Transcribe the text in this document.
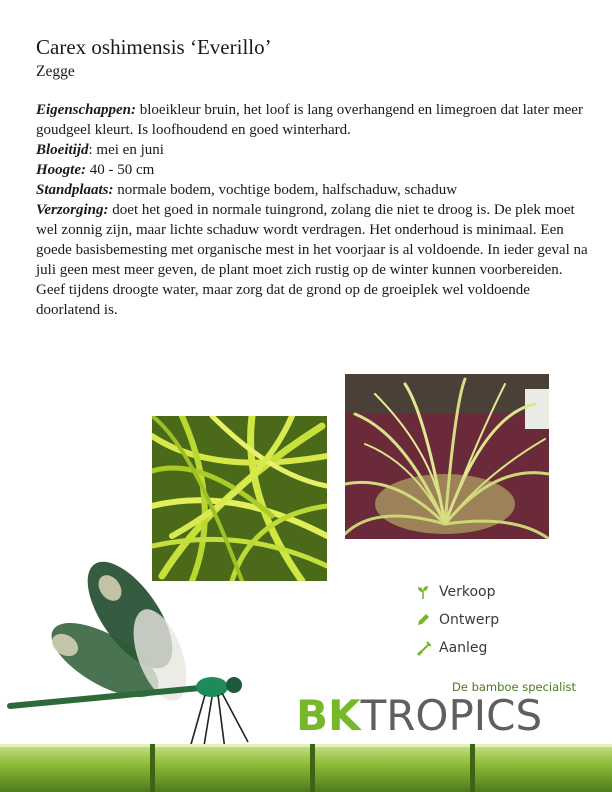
Carex oshimensis ‘Everillo’
Zegge

Eigenschappen: bloeikleur bruin, het loof is lang overhangend en limegroen dat later meer goudgeel kleurt. Is loofhoudend en goed winterhard.

Bloeitijd: mei en juni

Hoogte: 40 - 50 cm

Standplaats: normale bodem, vochtige bodem, halfschaduw, schaduw

Verzorging: doet het goed in normale tuingrond, zolang die niet te droog is. De plek moet wel zonnig zijn, maar lichte schaduw wordt verdragen. Het onderhoud is minimaal. Een goede basisbemesting met organische mest in het voorjaar is al voldoende. In ieder geval na juli geen mest meer geven, de plant moet zich rustig op de winter kunnen voorbereiden. Geef tijdens droogte water, maar zorg dat de grond op de groeiplek wel voldoende doorlatend is.

Verkoop
Ontwerp
Aanleg
De bamboe specialist
BKTROPICS
